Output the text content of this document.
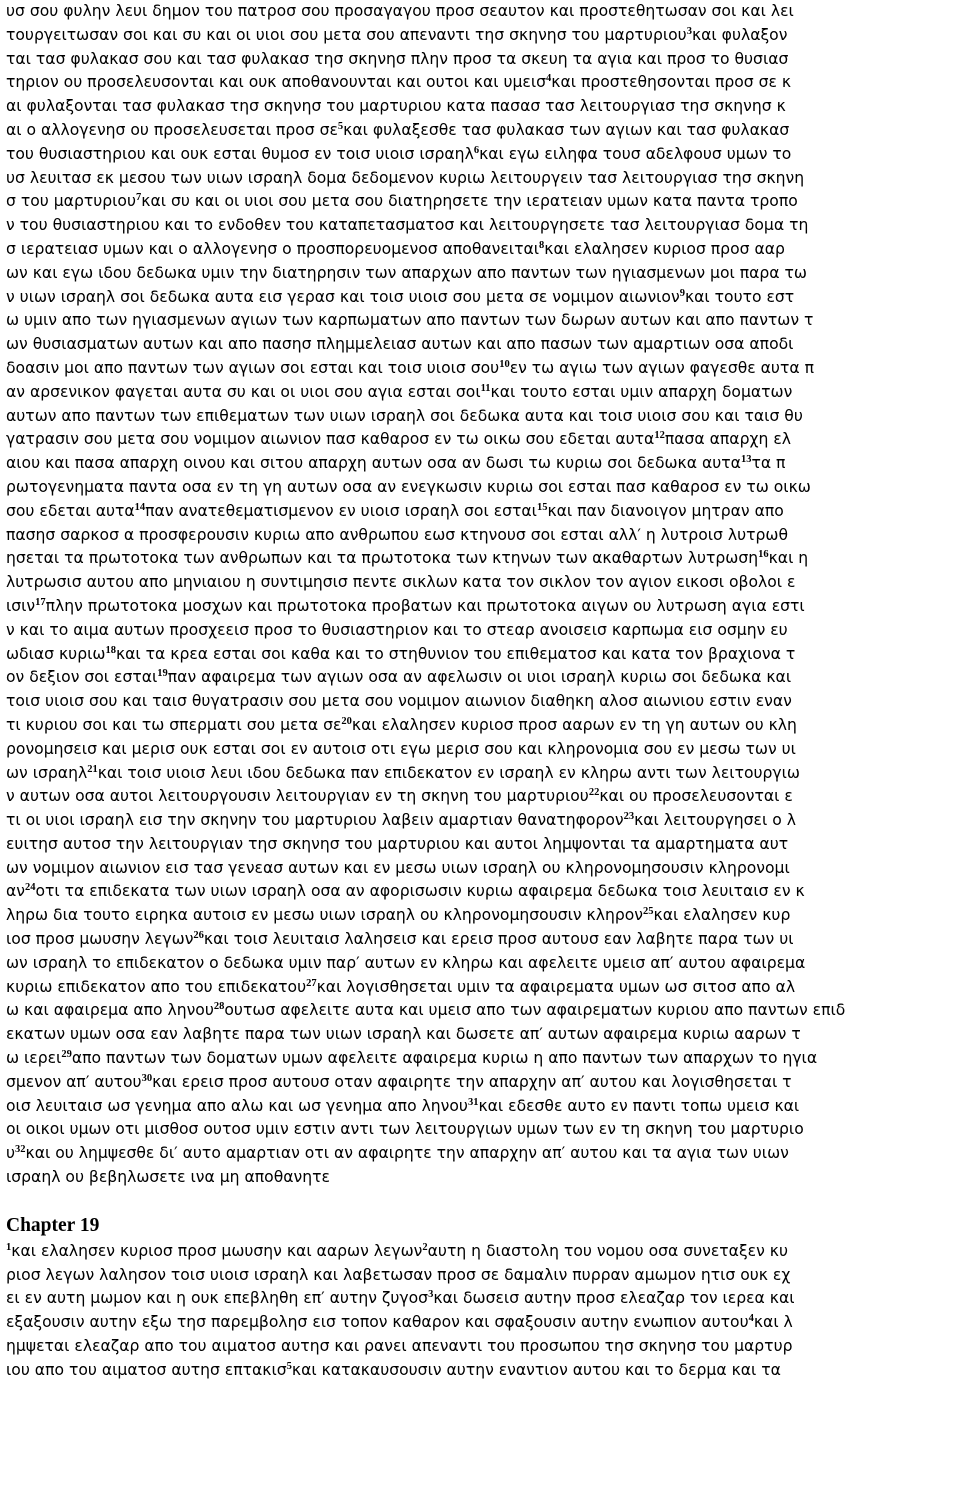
υσ σου φυλην λευι δημον του πατροσ σου προσαγαγου προσ σεαυτον και προστεθητωσαν σοι και λει
τουργειτωσαν σοι και συ και οι υιοι σου μετα σου απεναντι τησ σκηνησ του μαρτυριου$^3$και φυλαξον
ται τασ φυλακασ σου και τασ φυλακασ τησ σκηνησ πλην προσ τα σκευη τα αγια και προσ το θυσιασ
τηριον ου προσελευσονται και ουκ αποθανουνται και ουτοι και υμεισ$^4$και προστεθησονται προσ σε κ
αι φυλαξονται τασ φυλακασ τησ σκηνησ του μαρτυριου κατα πασασ τασ λειτουργιασ τησ σκηνησ κ
αι ο αλλογενησ ου προσελευσεται προσ $\sigma\varepsilon^5\kappa\alpha\iota$ φυλαξεσθε τασ φυλακασ των αγιων και τασ φυλακασ
του θυσιαστηριου και ουκ εσται θυμοσ εν τοισ υιοισ ισραηλ$^6$και εγω ειληφα τουσ αδελφουσ υμων το
υσ λευιτασ εκ μεσου των υιων ισραηλ δομα δεδομενον κυριω λειτουργειν τασ λειτουργιασ τησ σκηνη
σ του μαρτυριου$^7$και συ και οι υιοι σου μετα σου διατηρησετε την ιερατειαν υμων κατα παντα τροπο
ν του θυσιαστηριου και το ενδοθεν του καταπετασματοσ και λειτουργησετε τασ λειτουργιασ δομα τη
σ ιερατειασ υμων και ο αλλογενησ ο προσπορευομενοσ αποθανειται$^8$και ελαλησεν κυριοσ προσ ααρ
ων και εγω ιδου δεδωκα υμιν την διατηρησιν των απαρχων απο παντων των ηγιασμενων μοι παρα τω
ν υιων ισραηλ σοι δεδωκα αυτα εισ γερασ και τοισ υιοισ σου μετα σε νομιμον αιωνιον$^9$και τουτο εστ
ω υμιν απο των ηγιασμενων αγιων των καρπωματων απο παντων των δωρων αυτων και απο παντων τ
ων θυσιασματων αυτων και απο πασησ πλημμελειασ αυτων και απο πασων των αμαρτιων οσα αποδι
δοασιν μοι απο παντων των αγιων σοι εσται και τοισ υιοισ σου$^{10}$εν τω αγιω των αγιων φαγεσθε αυτα π
αν αρσενικον φαγεται αυτα συ και οι υιοι σου αγια εσται σοι$^{11}$και τουτο εσται υμιν απαρχη δοματων
αυτων απο παντων των επιθεματων των υιων ισραηλ σοι δεδωκα αυτα και τοισ υιοισ σου και ταισ θυ
γατρασιν σου μετα σου νομιμον αιωνιον πασ καθαροσ εν τω οικω σου εδεται αυτα$^{12}$πασα απαρχη ελ
αιου και πασα απαρχη οινου και σιτου απαρχη αυτων οσα αν δωσι τω κυριω σοι δεδωκα αυτα$^{13}$τα π
ρωτογενηματα παντα οσα εν τη γη αυτων οσα αν ενεγκωσιν κυριω σοι εσται πασ καθαροσ εν τω οικω
σου εδεται αυτα$^{14}$παν ανατεθεματισμενον εν υιοισ ισραηλ σοι εσται$^{15}$και παν διανοιγον μητραν απο
πασησ σαρκοσ α προσφερουσιν κυριω απο ανθρωπου εωσ κτηνουσ σοι εσται αλλ′ η λυτροισ λυτρωθ
ησεται τα πρωτοτοκα των ανθρωπων και τα πρωτοτοκα των κτηνων των ακαθαρτων λυτρωση$^{16}$και η
λυτρωσισ αυτου απο μηνιαιου η συντιμησισ πεντε σικλων κατα τον σικλον τον αγιον εικοσι οβολοι ε
ισιν$^{17}$πλην πρωτοτοκα μοσχων και πρωτοτοκα προβατων και πρωτοτοκα αιγων ου λυτρωση αγια εστι
ν και το αιμα αυτων προσχεεισ προσ το θυσιαστηριον και το στεαρ ανοισεισ καρπωμα εισ οσμην ευ
ωδιασ κυριω$^{18}$και τα κρεα εσται σοι καθα και το στηθυνιον του επιθεματοσ και κατα τον βραχιονα τ
ον δεξιον σοι εσται$^{19}$παν αφαιρεμα των αγιων οσα αν αφελωσιν οι υιοι ισραηλ κυριω σοι δεδωκα και
τοισ υιοισ σου και ταισ θυγατρασιν σου μετα σου νομιμον αιωνιον διαθηκη αλοσ αιωνιου εστιν εναν
τι κυριου σοι και τω σπερματι σου μετα $\sigma\varepsilon^{20}\kappa\alpha\iota$ ελαλησεν κυριοσ προσ ααρων εν τη γη αυτων ου κλη
ρονομησεισ και μερισ ουκ εσται σοι εν αυτοισ οτι εγω μερισ σου και κληρονομια σου εν μεσω των υι
ων ισραηλ$^{21}$και τοισ υιοισ λευι ιδου δεδωκα παν επιδεκατον εν ισραηλ εν κληρω αντι των λειτουργιω
ν αυτων οσα αυτοι λειτουργουσιν λειτουργιαν εν τη σκηνη του μαρτυριου$^{22}$και ου προσελευσονται ε
τι οι υιοι ισραηλ εισ την σκηνην του μαρτυριου λαβειν αμαρτιαν θανατηφορον$^{23}$και λειτουργησει ο λ
ευιτησ αυτοσ την λειτουργιαν τησ σκηνησ του μαρτυριου και αυτοι λημψονται τα αμαρτηματα αυτ
ων νομιμον αιωνιον εισ τασ γενεασ αυτων και εν μεσω υιων ισραηλ ου κληρονομησουσιν κληρονομι
$\alpha\nu^{24}o\tau\iota$ τα επιδεκατα των υιων ισραηλ οσα αν αφορισωσιν κυριω αφαιρεμα δεδωκα τοισ λευιταισ εν κ
ληρω δια τουτο ειρηκα αυτοισ εν μεσω υιων ισραηλ ου κληρονομησουσιν κληρον$^{25}$και ελαλησεν κυρ
ιοσ προσ μωυσην λεγων$^{26}$και τοισ λευιταισ λαλησεισ και ερεισ προσ αυτουσ εαν λαβητε παρα των υι
ων ισραηλ το επιδεκατον ο δεδωκα υμιν παρ′ αυτων εν κληρω και αφελειτε υμεισ απ′ αυτου αφαιρεμα
κυριω επιδεκατον απο του επιδεκατου$^{27}$και λογισθησεται υμιν τα αφαιρεματα υμων ωσ σιτοσ απο αλ
ω και αφαιρεμα απο ληνου$^{28}$ουτωσ αφελειτε αυτα και υμεισ απο των αφαιρεματων κυριου απο παντων επιδ
εκατων υμων οσα εαν λαβητε παρα των υιων ισραηλ και δωσετε απ′ αυτων αφαιρεμα κυριω ααρων τ
ω ιερει$^{29}$απο παντων των δοματων υμων αφελειτε αφαιρεμα κυριω η απο παντων των απαρχων το ηγια
σμενον απ′ αυτου$^{30}$και ερεισ προσ αυτουσ οταν αφαιρητε την απαρχην απ′ αυτου και λογισθησεται τ
οισ λευιταισ ωσ γενημα απο αλω και ωσ γενημα απο ληνου$^{31}$και εδεσθε αυτο εν παντι τοπω υμεισ και
οι οικοι υμων οτι μισθοσ ουτοσ υμιν εστιν αντι των λειτουργιων υμων των εν τη σκηνη του μαρτυριο
$\upsilon^{32}\kappa\alpha\iota$ ου λημψεσθε δι′ αυτο αμαρτιαν οτι αν αφαιρητε την απαρχην απ′ αυτου και τα αγια των υιων
ισραηλ ου βεβηλωσετε ινα μη αποθανητε
Chapter 19
$^1$και ελαλησεν κυριοσ προσ μωυσην και ααρων λεγων$^2$αυτη η διαστολη του νομου οσα συνεταξεν κυ
ριοσ λεγων λαλησον τοισ υιοισ ισραηλ και λαβετωσαν προσ σε δαμαλιν πυρραν αμωμον ητισ ουκ εχ
ει εν αυτη μωμον και η ουκ επεβληθη επ′ αυτην ζυγοσ$^3$και δωσεισ αυτην προσ ελεαζαρ τον ιερεα και
εξαξουσιν αυτην εξω τησ παρεμβολησ εισ τοπον καθαρον και σφαξουσιν αυτην ενωπιον αυτου$^4$και λ
ημψεται ελεαζαρ απο του αιματοσ αυτησ και ρανει απεναντι του προσωπου τησ σκηνησ του μαρτυρ
ιου απο του αιματοσ αυτησ επτακισ$^5$και κατακαυσουσιν αυτην εναντιον αυτου και το δερμα και τα
